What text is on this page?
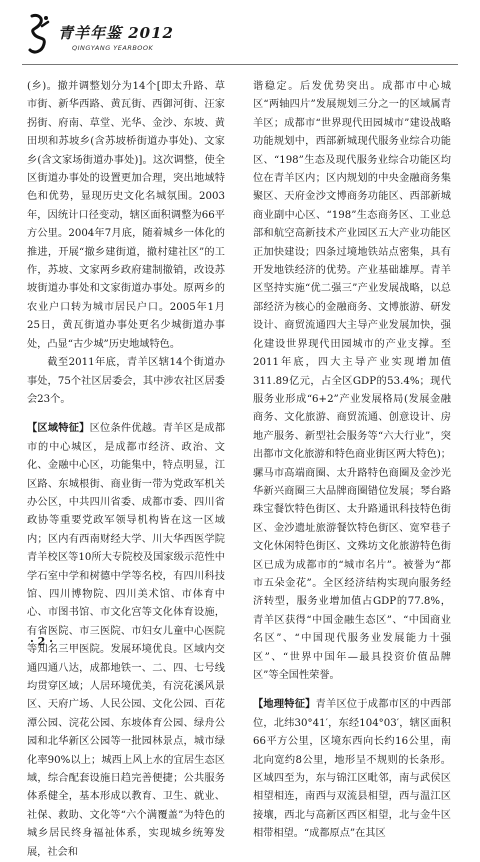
青羊年鉴 2012
QINGYANG YEARBOOK

(乡)。撤并调整划分为14个[即太升路、草市街、新华西路、黄瓦街、西御河街、汪家拐街、府南、草堂、光华、金沙、东坡、黄田坝和苏坡乡(含苏坡桥街道办事处)、文家乡(含文家场街道办事处)]。这次调整，使全区街道办事处的设置更加合理，突出地域特色和优势，显现历史文化名城氛围。2003年，因统计口径变动，辖区面积调整为66平方公里。2004年7月底，随着城乡一体化的推进，开展“撤乡建街道，撤村建社区”的工作，苏坡、文家两乡政府建制撤销，改设苏坡街道办事处和文家街道办事处。原两乡的农业户口转为城市居民户口。2005年1月25日，黄瓦街道办事处更名少城街道办事处，凸显“古少城”历史地域特色。

截至2011年底，青羊区辖14个街道办事处，75个社区居委会，其中涉农社区居委会23个。

【区域特征】区位条件优越。青羊区是成都市的中心城区，是成都市经济、政治、文化、金融中心区，功能集中，特点明显，江区路、东城根街、商业街一带为党政军机关办公区，中共四川省委、成都市委、四川省政协等重要党政军领导机构皆在这一区域内；区内有西南财经大学、川大华西医学院青羊校区等10所大专院校及国家级示范性中学石室中学和树德中学等名校，有四川科技馆、四川博物院、四川美术馆、市体育中心、市图书馆、市文化宫等文化体育设施，有省医院、市三医院、市妇女儿童中心医院等知名三甲医院。发展环境优良。区域内交通四通八达，成都地铁一、二、四、七号线均贯穿区域；人居环境优美，有浣花溪风景区、天府广场、人民公园、文化公园、百花潭公园、浣花公园、东坡体育公园、绿舟公园和北华新区公园等一批园林景点，城市绿化率90%以上；城西上风上水的宜居生态区域，综合配套设施日趋完善便捷；公共服务体系健全，基本形成以教育、卫生、就业、社保、救助、文化等“六个满覆盖”为特色的城乡居民终身福祉体系，实现城乡统筹发展，社会和

谐稳定。后发优势突出。成都市中心城区“两轴四片”发展规划三分之一的区域属青羊区；成都市“世界现代田园城市”建设战略功能规划中，西部新城现代服务业综合功能区、“198”生态及现代服务业综合功能区均位在青羊区内；区内规划的中央金融商务集聚区、天府金沙文博商务功能区、西部新城商业副中心区、“198”生态商务区、工业总部和航空高新技术产业园区五大产业功能区正加快建设；四条过境地铁站点密集，具有开发地铁经济的优势。产业基础雄厚。青羊区坚持实施“优二强三”产业发展战略，以总部经济为核心的金融商务、文博旅游、研发设计、商贸流通四大主导产业发展加快，强化建设世界现代田园城市的产业支撑。至2011年底，四大主导产业实现增加值311.89亿元，占全区GDP的53.4%；现代服务业形成“6+2”产业发展格局(发展金融商务、文化旅游、商贸流通、创意设计、房地产服务、新型社会服务等“六大行业”，突出都市文化旅游和特色商业街区两大特色)；骡马市高端商圈、太升路特色商圈及金沙光华新兴商圈三大品牌商圈错位发展；琴台路珠宝餐饮特色街区、太升路通讯科技特色街区、金沙遗址旅游餐饮特色街区、宽窄巷子文化休闲特色街区、文殊坊文化旅游特色街区已成为成都市的“城市名片”。被誉为“都市五朵金花”。全区经济结构实现向服务经济转型，服务业增加值占GDP的77.8%，青羊区获得“中国金融生态区”、“中国商业名区”、“中国现代服务业发展能力十强区”、“世界中国年—最具投资价值品牌区”等全国性荣誉。

【地理特征】青羊区位于成都市区的中西部位，北纬30°41′，东经104°03′，辖区面积66平方公里，区境东西向长约16公里，南北向宽约8公里，地形呈不规则的长条形。区域四至为，东与锦江区毗邻，南与武侯区相望相连，南西与双流县相望，西与温江区接壤，西北与高新区西区相望，北与金牛区相带相望。“成都原点”在其区

· 2 ·
